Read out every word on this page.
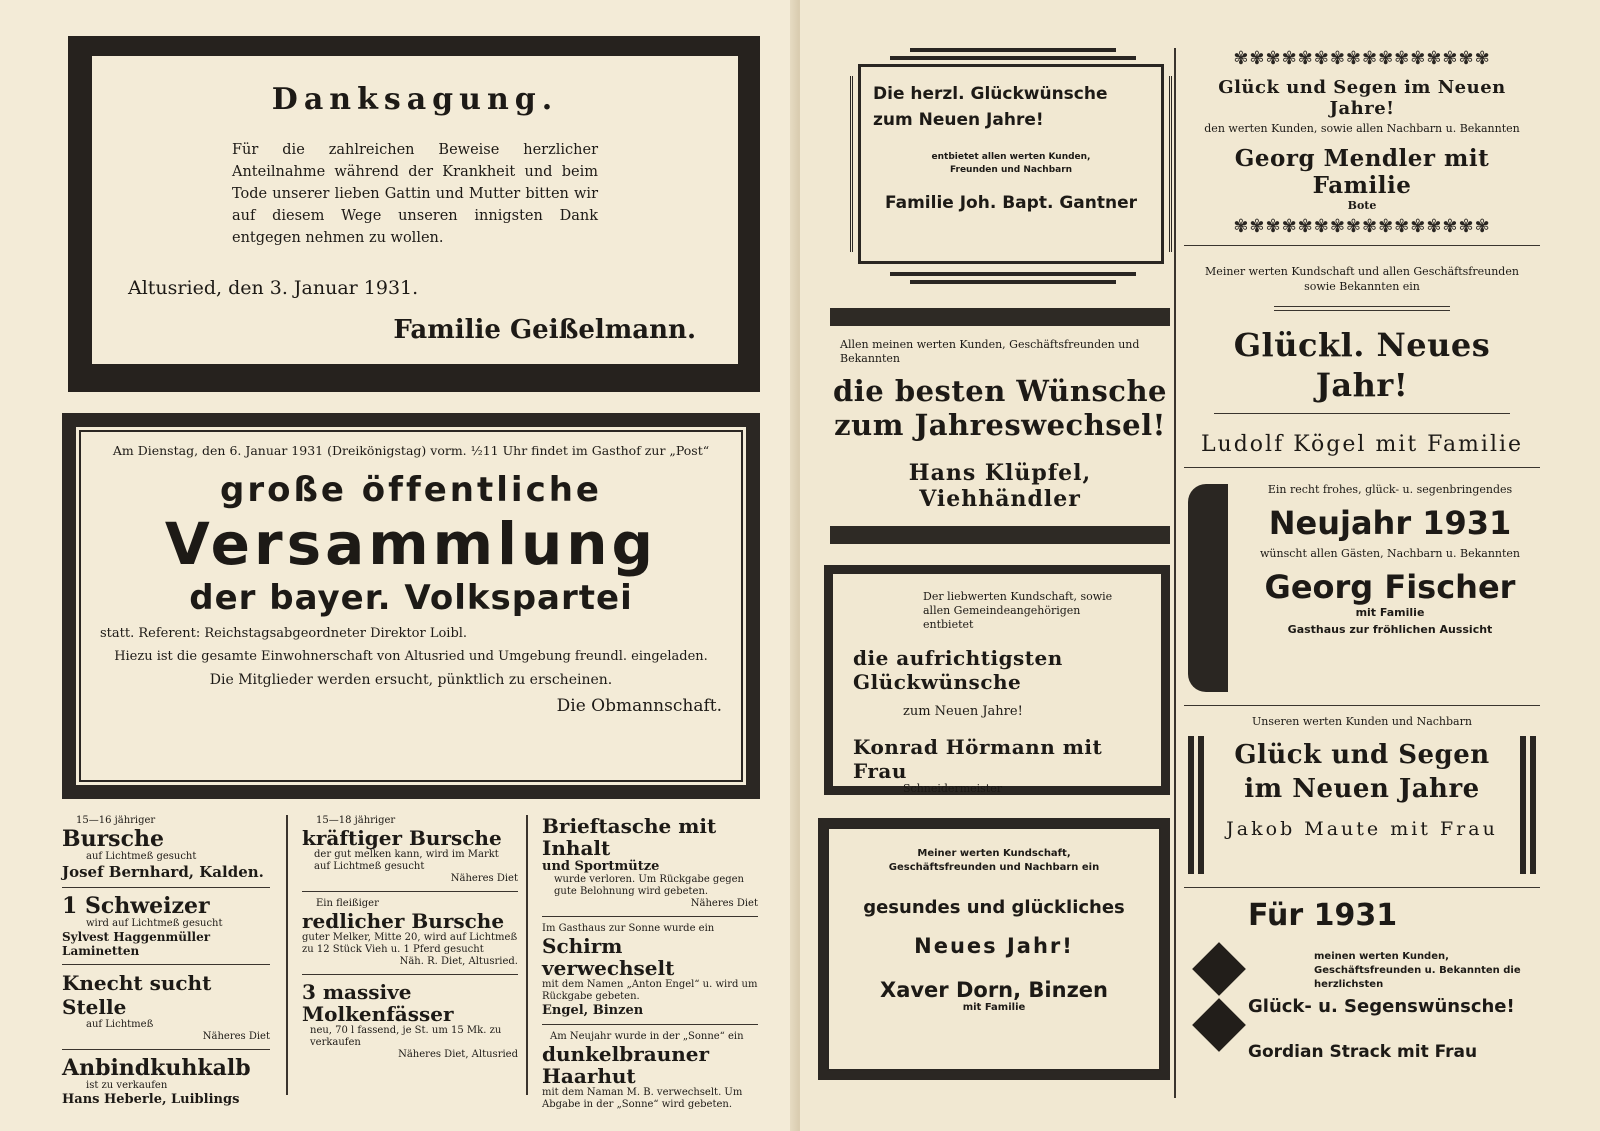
Danksagung.
Für die zahlreichen Beweise herzlicher Anteilnahme während der Krankheit und beim Tode unserer lieben Gattin und Mutter bitten wir auf diesem Wege unseren innigsten Dank entgegen nehmen zu wollen.
Altusried, den 3. Januar 1931.
Familie Geißelmann.
Am Dienstag, den 6. Januar 1931 (Dreikönigstag) vorm. ½11 Uhr findet im Gasthof zur „Post“
große öffentliche
Versammlung
der bayer. Volkspartei
statt. Referent: Reichstagsabgeordneter Direktor Loibl.
Hiezu ist die gesamte Einwohnerschaft von Altusried und Umgebung freundl. eingeladen.
Die Mitglieder werden ersucht, pünktlich zu erscheinen.
Die Obmannschaft.
15—16 jähriger
Bursche
auf Lichtmeß gesucht
Josef Bernhard, Kalden.
1 Schweizer
wird auf Lichtmeß gesucht
Sylvest Haggenmüller Laminetten
Knecht sucht Stelle
auf Lichtmeß
Näheres Diet
Anbindkuhkalb
ist zu verkaufen
Hans Heberle, Luiblings
15—18 jähriger
kräftiger Bursche
der gut melken kann, wird im Markt auf Lichtmeß gesucht
Näheres Diet
Ein fleißiger
redlicher Bursche
guter Melker, Mitte 20, wird auf Lichtmeß zu 12 Stück Vieh u. 1 Pferd gesucht
Näh. R. Diet, Altusried.
3 massive Molkenfässer
neu, 70 l fassend, je St. um 15 Mk. zu verkaufen
Näheres Diet, Altusried
Brieftasche mit Inhalt
und Sportmütze
wurde verloren. Um Rückgabe gegen gute Belohnung wird gebeten.
Näheres Diet
Im Gasthaus zur Sonne wurde ein
Schirm verwechselt
mit dem Namen „Anton Engel“ u. wird um Rückgabe gebeten.
Engel, Binzen
Am Neujahr wurde in der „Sonne“ ein
dunkelbrauner Haarhut
mit dem Naman M. B. verwechselt. Um Abgabe in der „Sonne“ wird gebeten.
Die herzl. Glückwünsche
zum Neuen Jahre!
entbietet allen werten Kunden, Freunden und Nachbarn
Familie Joh. Bapt. Gantner
Allen meinen werten Kunden, Geschäftsfreunden und Bekannten
die besten Wünsche
zum Jahreswechsel!
Hans Klüpfel, Viehhändler
Der liebwerten Kundschaft, sowie allen Gemeindeangehörigen entbietet
die aufrichtigsten Glückwünsche
zum Neuen Jahre!
Konrad Hörmann mit Frau
Schneidermeister
Meiner werten Kundschaft, Geschäftsfreunden und Nachbarn ein
gesundes und glückliches
Neues Jahr!
Xaver Dorn, Binzen
mit Familie
✾✾✾✾✾✾✾✾✾✾✾✾✾✾✾✾
Glück und Segen im Neuen Jahre!
den werten Kunden, sowie allen Nachbarn u. Bekannten
Georg Mendler mit Familie
Bote
✾✾✾✾✾✾✾✾✾✾✾✾✾✾✾✾
Meiner werten Kundschaft und allen Geschäftsfreunden sowie Bekannten ein
Glückl. Neues Jahr!
Ludolf Kögel mit Familie
Ein recht frohes, glück- u. segenbringendes
Neujahr 1931
wünscht allen Gästen, Nachbarn u. Bekannten
Georg Fischer
mit Familie
Gasthaus zur fröhlichen Aussicht
Unseren werten Kunden und Nachbarn
Glück und Segen
im Neuen Jahre
Jakob Maute mit Frau
Für 1931
meinen werten Kunden, Geschäftsfreunden u. Bekannten die herzlichsten
Glück- u. Segenswünsche!
Gordian Strack mit Frau
